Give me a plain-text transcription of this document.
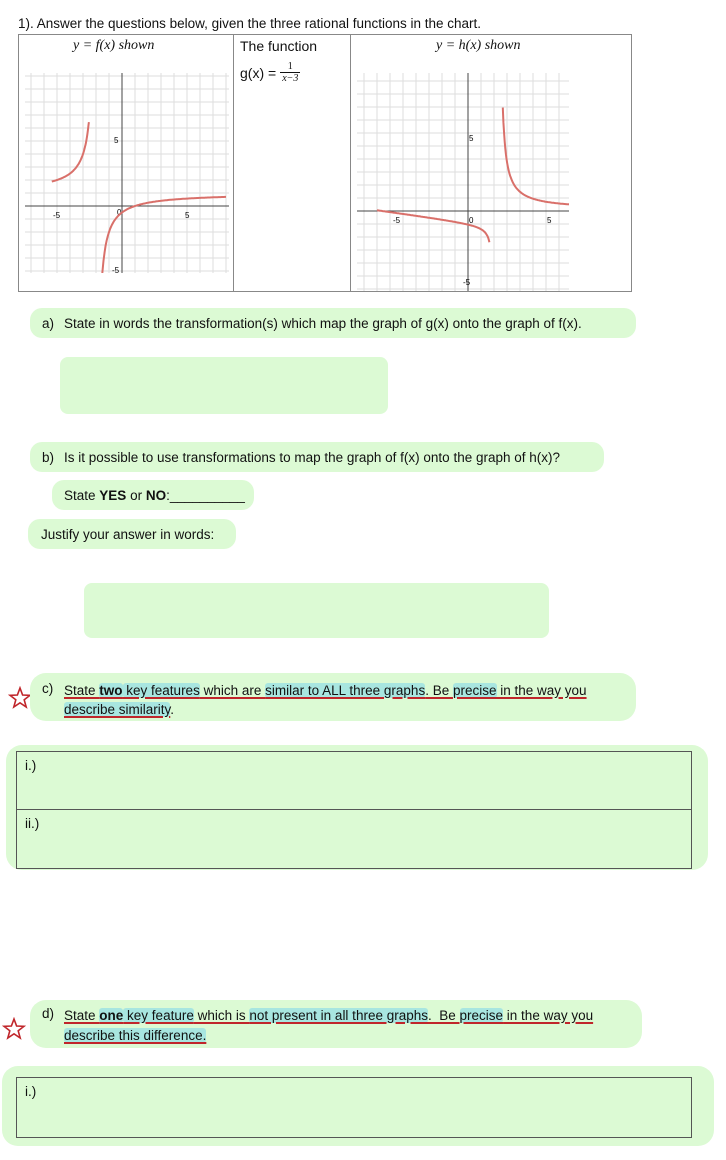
1). Answer the questions below, given the three rational functions in the chart.
y = f(x) shown	The function	y = h(x) shown
$g(x) = \frac{1}{x-3}$
-5	0	5
5
-5
-5	0	5
5
-5
a) State in words the transformation(s) which map the graph of g(x) onto the graph of f(x).
b) Is it possible to use transformations to map the graph of f(x) onto the graph of h(x)?
State
YES or NO :__________
Justify your answer in words:
c) State two key features which are similar to ALL three graphs. Be precise in the way you
describe similarity.
i.)
ii.)
d) State one key feature which is not present in all three graphs.  Be precise in the way you
describe this difference.
i.)
